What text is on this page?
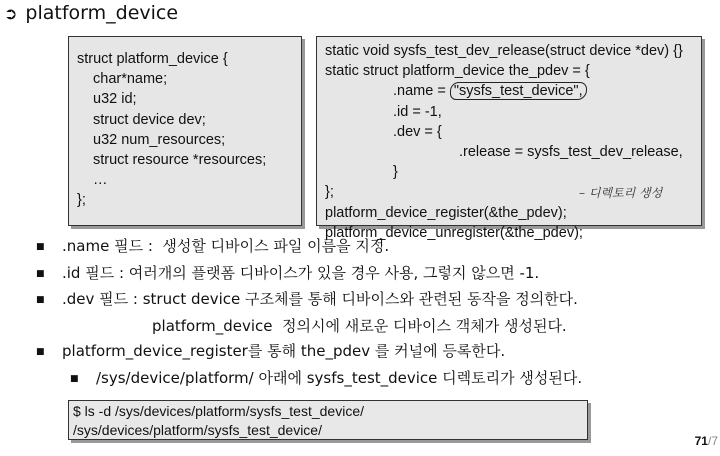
➲ platform_device
struct platform_device {
char*name;
u32 id;
struct device dev;
u32 num_resources;
struct resource *resources;
…
};
static void sysfs_test_dev_release(struct device *dev) {}
static struct platform_device the_pdev = {
.name = "sysfs_test_device",
.id = -1,
.dev = {
.release = sysfs_test_dev_release,
}
};
platform_device_register(&the_pdev);
platform_device_unregister(&the_pdev);
– 디렉토리 생성
■	.name 필드 :  생성할 디바이스 파일 이름을 지정.
■	.id 필드 : 여러개의 플랫폼 디바이스가 있을 경우 사용, 그렇지 않으면 -1.
■	.dev 필드 : struct device 구조체를 통해 디바이스와 관련된 동작을 정의한다.
platform_device  정의시에 새로운 디바이스 객체가 생성된다.
■	platform_device_register를 통해 the_pdev 를 커널에 등록한다.
■	/sys/device/platform/ 아래에 sysfs_test_device 디렉토리가 생성된다.
$ ls -d /sys/devices/platform/sysfs_test_device/
/sys/devices/platform/sysfs_test_device/
71/7
